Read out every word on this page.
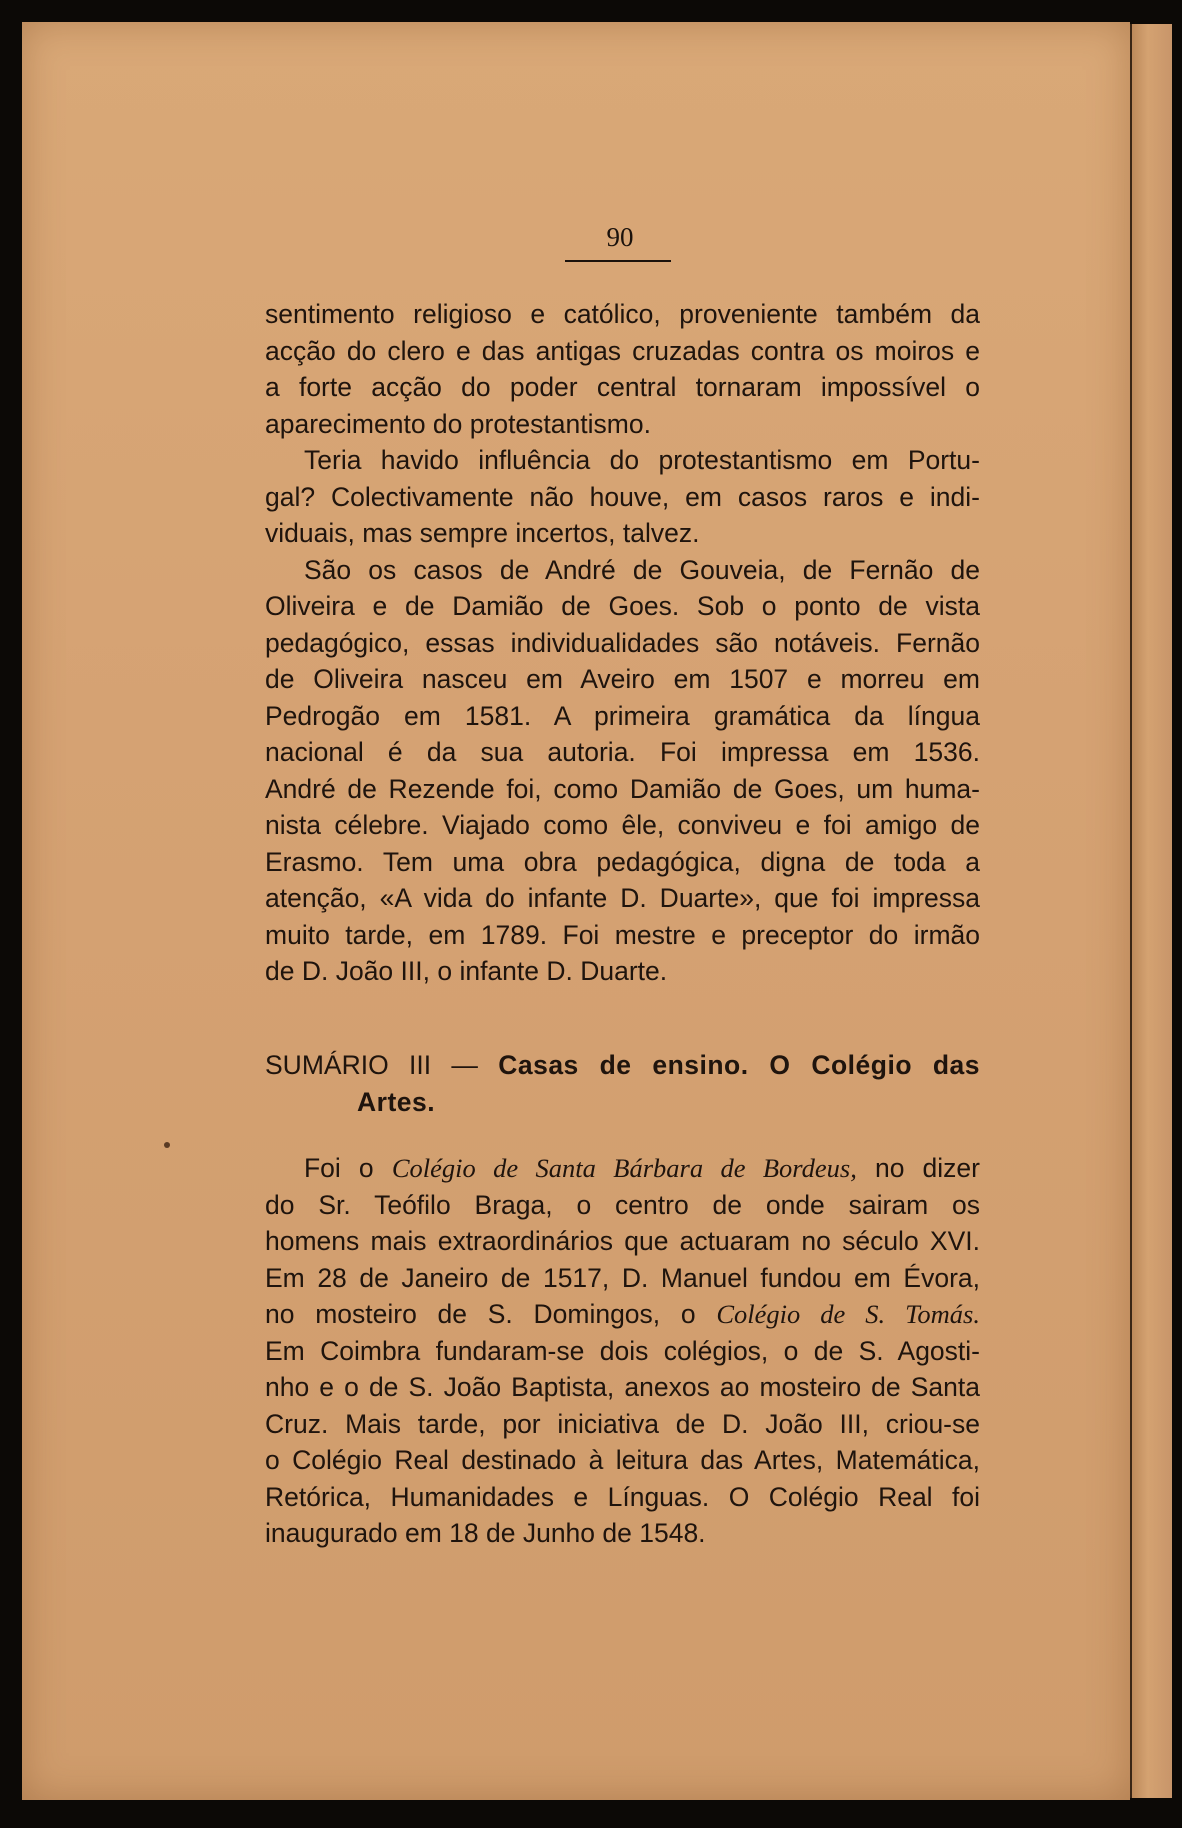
90
sentimento religioso e católico, proveniente também da
acção do clero e das antigas cruzadas contra os moiros e
a forte acção do poder central tornaram impossível o
aparecimento do protestantismo.
Teria havido influência do protestantismo em Portu-
gal? Colectivamente não houve, em casos raros e indi-
viduais, mas sempre incertos, talvez.
São os casos de André de Gouveia, de Fernão de
Oliveira e de Damião de Goes. Sob o ponto de vista
pedagógico, essas individualidades são notáveis. Fernão
de Oliveira nasceu em Aveiro em 1507 e morreu em
Pedrogão em 1581. A primeira gramática da língua
nacional é da sua autoria. Foi impressa em 1536.
André de Rezende foi, como Damião de Goes, um huma-
nista célebre. Viajado como êle, conviveu e foi amigo de
Erasmo. Tem uma obra pedagógica, digna de toda a
atenção, «A vida do infante D. Duarte», que foi impressa
muito tarde, em 1789. Foi mestre e preceptor do irmão
de D. João III, o infante D. Duarte.
SUMÁRIO III — Casas de ensino. O Colégio das
Artes.
Foi o Colégio de Santa Bárbara de Bordeus, no dizer
do Sr. Teófilo Braga, o centro de onde sairam os
homens mais extraordinários que actuaram no século XVI.
Em 28 de Janeiro de 1517, D. Manuel fundou em Évora,
no mosteiro de S. Domingos, o Colégio de S. Tomás.
Em Coimbra fundaram-se dois colégios, o de S. Agosti-
nho e o de S. João Baptista, anexos ao mosteiro de Santa
Cruz. Mais tarde, por iniciativa de D. João III, criou-se
o Colégio Real destinado à leitura das Artes, Matemática,
Retórica, Humanidades e Línguas. O Colégio Real foi
inaugurado em 18 de Junho de 1548.
